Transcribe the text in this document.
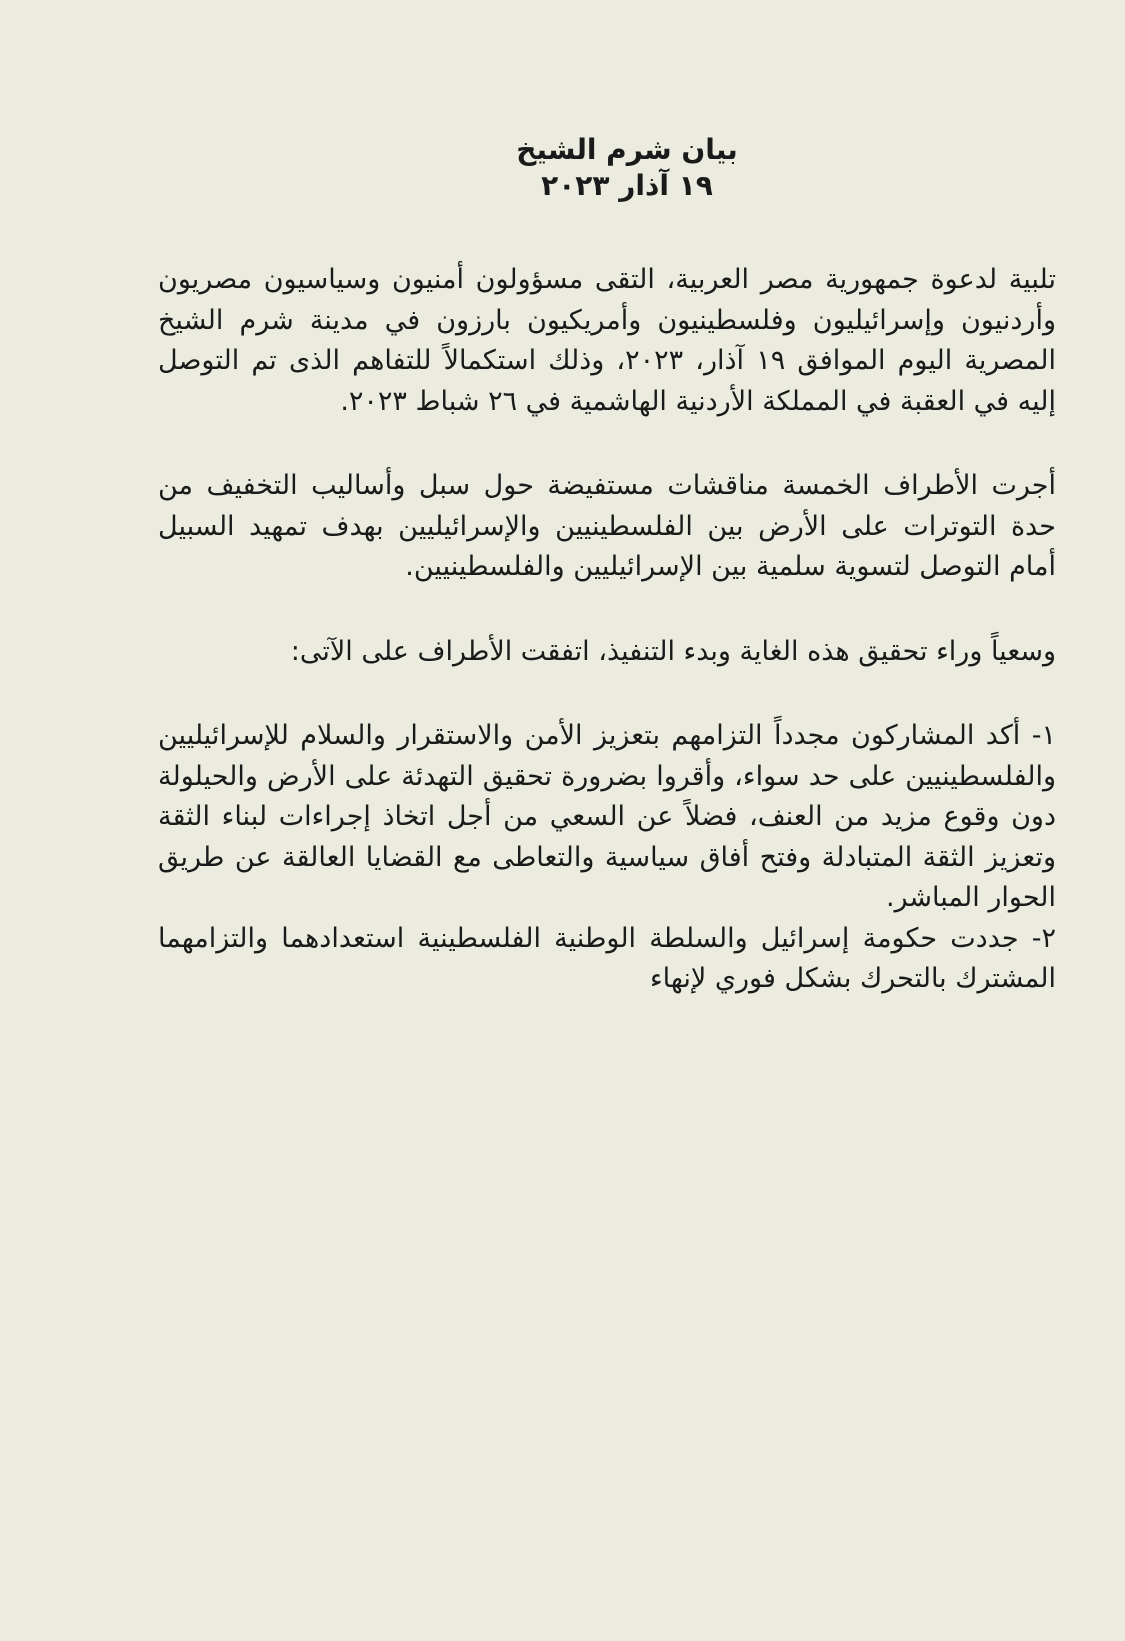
بيان شرم الشيخ
١٩ آذار ٢٠٢٣

تلبية لدعوة جمهورية مصر العربية، التقى مسؤولون أمنيون وسياسيون مصريون وأردنيون وإسرائيليون وفلسطينيون وأمريكيون بارزون في مدينة شرم الشيخ المصرية اليوم الموافق ١٩ آذار، ٢٠٢٣، وذلك استكمالاً للتفاهم الذى تم التوصل إليه في العقبة في المملكة الأردنية الهاشمية في ٢٦ شباط ٢٠٢٣.

أجرت الأطراف الخمسة مناقشات مستفيضة حول سبل وأساليب التخفيف من حدة التوترات على الأرض بين الفلسطينيين والإسرائيليين بهدف تمهيد السبيل أمام التوصل لتسوية سلمية بين الإسرائيليين والفلسطينيين.

وسعياً وراء تحقيق هذه الغاية وبدء التنفيذ، اتفقت الأطراف على الآتى:

١- أكد المشاركون مجدداً التزامهم بتعزيز الأمن والاستقرار والسلام للإسرائيليين والفلسطينيين على حد سواء، وأقروا بضرورة تحقيق التهدئة على الأرض والحيلولة دون وقوع مزيد من العنف، فضلاً عن السعي من أجل اتخاذ إجراءات لبناء الثقة وتعزيز الثقة المتبادلة وفتح أفاق سياسية والتعاطى مع القضايا العالقة عن طريق الحوار المباشر.

٢- جددت حكومة إسرائيل والسلطة الوطنية الفلسطينية استعدادهما والتزامهما المشترك بالتحرك بشكل فوري لإنهاء
